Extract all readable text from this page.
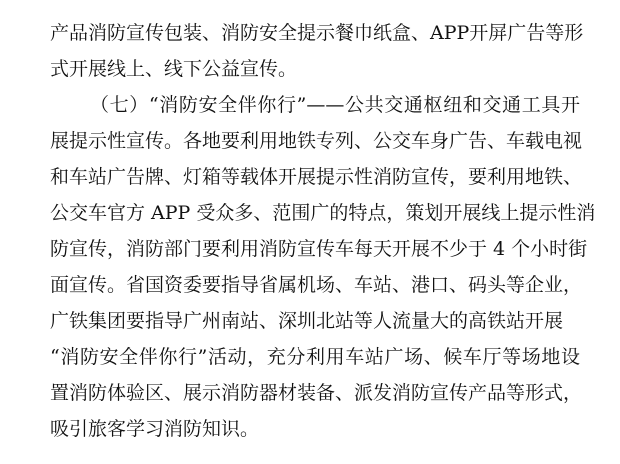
产品消防宣传包装、消防安全提示餐巾纸盒、APP开屏广告等形
式开展线上、线下公益宣传。
（七）“消防安全伴你行”——公共交通枢纽和交通工具开
展提示性宣传。各地要利用地铁专列、公交车身广告、车载电视
和车站广告牌、灯箱等载体开展提示性消防宣传，要利用地铁、
公交车官方 APP 受众多、范围广的特点，策划开展线上提示性消
防宣传，消防部门要利用消防宣传车每天开展不少于 4 个小时街
面宣传。省国资委要指导省属机场、车站、港口、码头等企业，
广铁集团要指导广州南站、深圳北站等人流量大的高铁站开展
“消防安全伴你行”活动，充分利用车站广场、候车厅等场地设
置消防体验区、展示消防器材装备、派发消防宣传产品等形式，
吸引旅客学习消防知识。
